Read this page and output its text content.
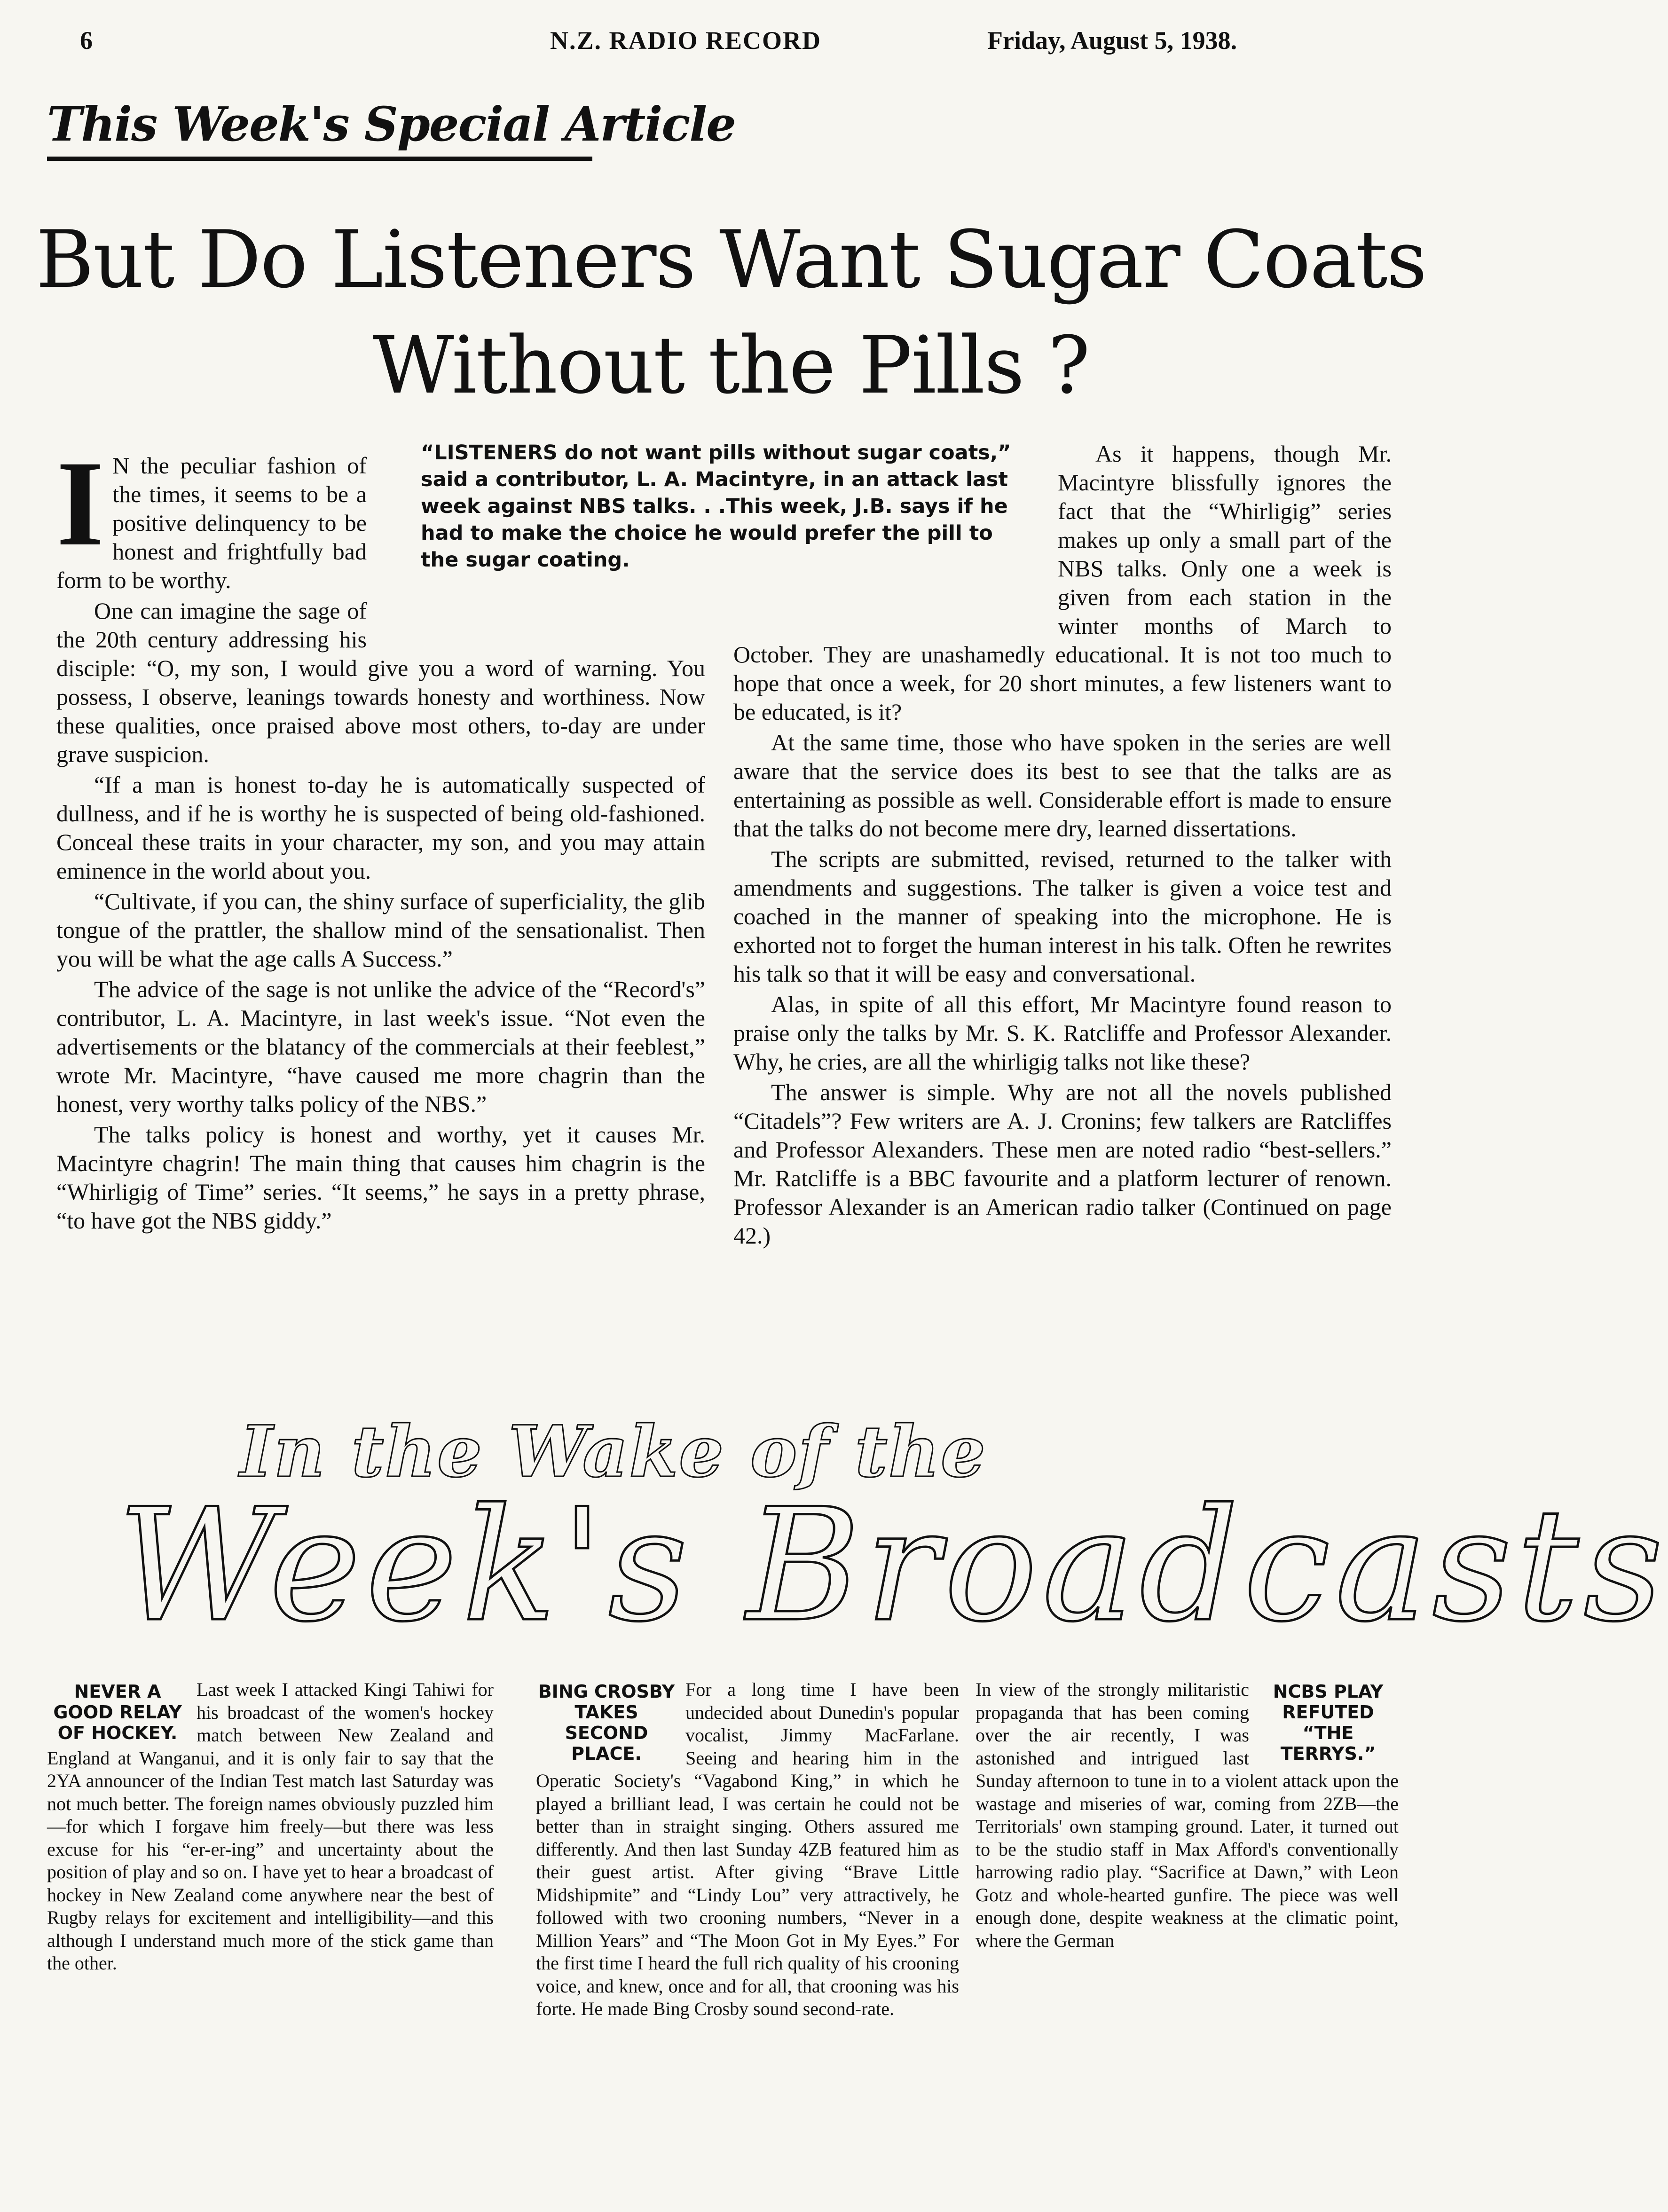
6	N.Z. RADIO RECORD	Friday, August 5, 1938.
This Week's Special Article
But Do Listeners Want Sugar Coats Without the Pills ?
“LISTENERS do not want pills without sugar coats,” said a contributor, L. A. Macintyre, in an attack last week against NBS talks. . .This week, J.B. says if he had to make the choice he would prefer the pill to the sugar coating.

I N the peculiar fashion of the times, it seems to be a positive delinquency to be honest and frightfully bad form to be worthy.

One can imagine the sage of the 20th century addressing his disciple: “O, my son, I would give you a word of warning. You possess, I observe, leanings towards honesty and worthiness. Now these qualities, once praised above most others, to-day are under grave suspicion.

“If a man is honest to-day he is automatically suspected of dullness, and if he is worthy he is suspected of being old-fashioned. Conceal these traits in your character, my son, and you may attain eminence in the world about you.

“Cultivate, if you can, the shiny surface of superficiality, the glib tongue of the prattler, the shallow mind of the sensationalist. Then you will be what the age calls A Success.”

The advice of the sage is not unlike the advice of the “Record's” contributor, L. A. Macintyre, in last week's issue. “Not even the advertisements or the blatancy of the commercials at their feeblest,” wrote Mr. Macintyre, “have caused me more chagrin than the honest, very worthy talks policy of the NBS.”

The talks policy is honest and worthy, yet it causes Mr. Macintyre chagrin! The main thing that causes him chagrin is the “Whirligig of Time” series. “It seems,” he says in a pretty phrase, “to have got the NBS giddy.”

As it happens, though Mr. Macintyre blissfully ignores the fact that the “Whirligig” series makes up only a small part of the NBS talks. Only one a week is given from each station in the winter months of March to October. They are unashamedly educational. It is not too much to hope that once a week, for 20 short minutes, a few listeners want to be educated, is it?

At the same time, those who have spoken in the series are well aware that the service does its best to see that the talks are as entertaining as possible as well. Considerable effort is made to ensure that the talks do not become mere dry, learned dissertations.

The scripts are submitted, revised, returned to the talker with amendments and suggestions. The talker is given a voice test and coached in the manner of speaking into the microphone. He is exhorted not to forget the human interest in his talk. Often he rewrites his talk so that it will be easy and conversational.

Alas, in spite of all this effort, Mr Macintyre found reason to praise only the talks by Mr. S. K. Ratcliffe and Professor Alexander. Why, he cries, are all the whirligig talks not like these?

The answer is simple. Why are not all the novels published “Citadels”? Few writers are A. J. Cronins; few talkers are Ratcliffes and Professor Alexanders. These men are noted radio “best-sellers.” Mr. Ratcliffe is a BBC favourite and a platform lecturer of renown. Professor Alexander is an American radio talker (Continued on page 42.)

In the Wake of the
Week's Broadcasts
NEVER A GOOD RELAY OF HOCKEY.

Last week I attacked Kingi Tahiwi for his broadcast of the women's hockey match between New Zealand and England at Wanganui, and it is only fair to say that the 2YA announcer of the Indian Test match last Saturday was not much better. The foreign names obviously puzzled him—for which I forgave him freely—but there was less excuse for his “er-er-ing” and uncertainty about the position of play and so on. I have yet to hear a broadcast of hockey in New Zealand come anywhere near the best of Rugby relays for excitement and intelligibility—and this although I understand much more of the stick game than the other.

BING CROSBY TAKES SECOND PLACE.

For a long time I have been undecided about Dunedin's popular vocalist, Jimmy MacFarlane. Seeing and hearing him in the Operatic Society's “Vagabond King,” in which he played a brilliant lead, I was certain he could not be better than in straight singing. Others assured me differently. And then last Sunday 4ZB featured him as their guest artist. After giving “Brave Little Midshipmite” and “Lindy Lou” very attractively, he followed with two crooning numbers, “Never in a Million Years” and “The Moon Got in My Eyes.” For the first time I heard the full rich quality of his crooning voice, and knew, once and for all, that crooning was his forte. He made Bing Crosby sound second-rate.

NCBS PLAY REFUTED “THE TERRYS.”

In view of the strongly militaristic propaganda that has been coming over the air recently, I was astonished and intrigued last Sunday afternoon to tune in to a violent attack upon the wastage and miseries of war, coming from 2ZB—the Territorials' own stamping ground. Later, it turned out to be the studio staff in Max Afford's conventionally harrowing radio play. “Sacrifice at Dawn,” with Leon Gotz and whole-hearted gunfire. The piece was well enough done, despite weakness at the climatic point, where the German
